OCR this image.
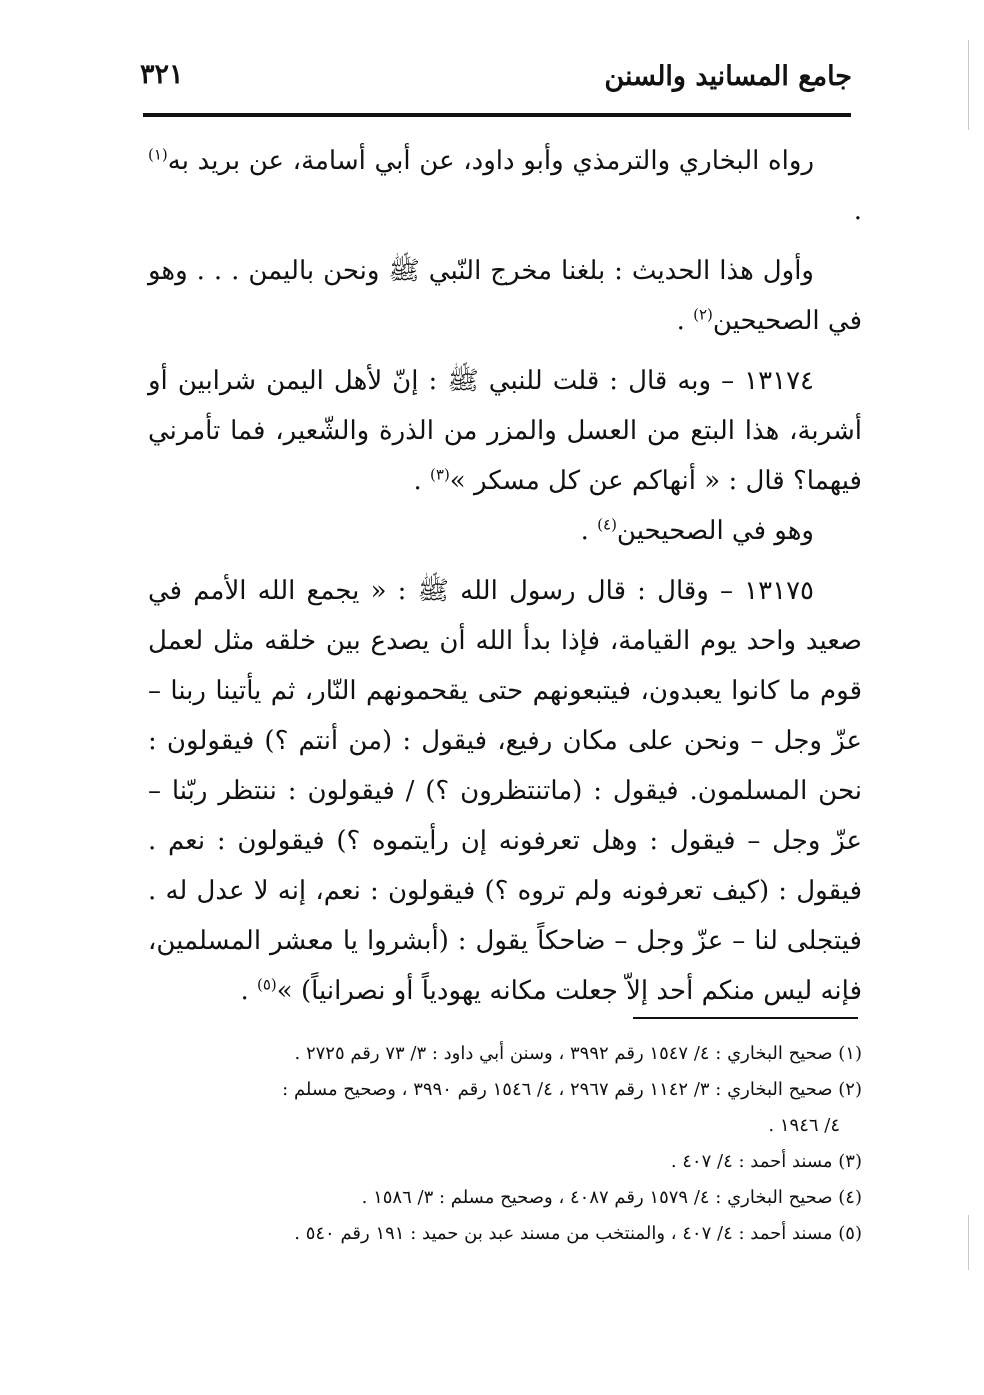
جامع المسانيد والسنن
٣٢١

رواه البخاري والترمذي وأبو داود، عن أبي أسامة، عن بريد به$^{(١)}$ .

وأول هذا الحديث : بلغنا مخرج النّبي ﷺ ونحن باليمن . . . وهو في الصحيحين$^{(٢)}$ .

١٣١٧٤ – وبه قال : قلت للنبي ﷺ : إنّ لأهل اليمن شرابين أو أشربة، هذا البتع من العسل والمزر من الذرة والشّعير، فما تأمرني فيهما؟ قال : « أنهاكم عن كل مسكر »$^{(٣)}$ .

وهو في الصحيحين$^{(٤)}$ .

١٣١٧٥ – وقال : قال رسول الله ﷺ : « يجمع الله الأمم في صعيد واحد يوم القيامة، فإذا بدأ الله أن يصدع بين خلقه مثل لعمل قوم ما كانوا يعبدون، فيتبعونهم حتى يقحمونهم النّار، ثم يأتينا ربنا – عزّ وجل – ونحن على مكان رفيع، فيقول : (من أنتم ؟) فيقولون : نحن المسلمون. فيقول : (ماتنتظرون ؟) / فيقولون : ننتظر ربّنا – عزّ وجل – فيقول : وهل تعرفونه إن رأيتموه ؟) فيقولون : نعم . فيقول : (كيف تعرفونه ولم تروه ؟) فيقولون : نعم، إنه لا عدل له . فيتجلى لنا – عزّ وجل – ضاحكاً يقول : (أبشروا يا معشر المسلمين، فإنه ليس منكم أحد إلاّ جعلت مكانه يهودياً أو نصرانياً) »$^{(٥)}$ .

(١) صحيح البخاري : ٤/ ١٥٤٧ رقم ٣٩٩٢ ، وسنن أبي داود : ٣/ ٧٣ رقم ٢٧٢٥ .

(٢) صحيح البخاري : ٣/ ١١٤٢ رقم ٢٩٦٧ ، ٤/ ١٥٤٦ رقم ٣٩٩٠ ، وصحيح مسلم :

٤/ ١٩٤٦ .

(٣) مسند أحمد : ٤/ ٤٠٧ .

(٤) صحيح البخاري : ٤/ ١٥٧٩ رقم ٤٠٨٧ ، وصحيح مسلم : ٣/ ١٥٨٦ .

(٥) مسند أحمد : ٤/ ٤٠٧ ، والمنتخب من مسند عبد بن حميد : ١٩١ رقم ٥٤٠ .
